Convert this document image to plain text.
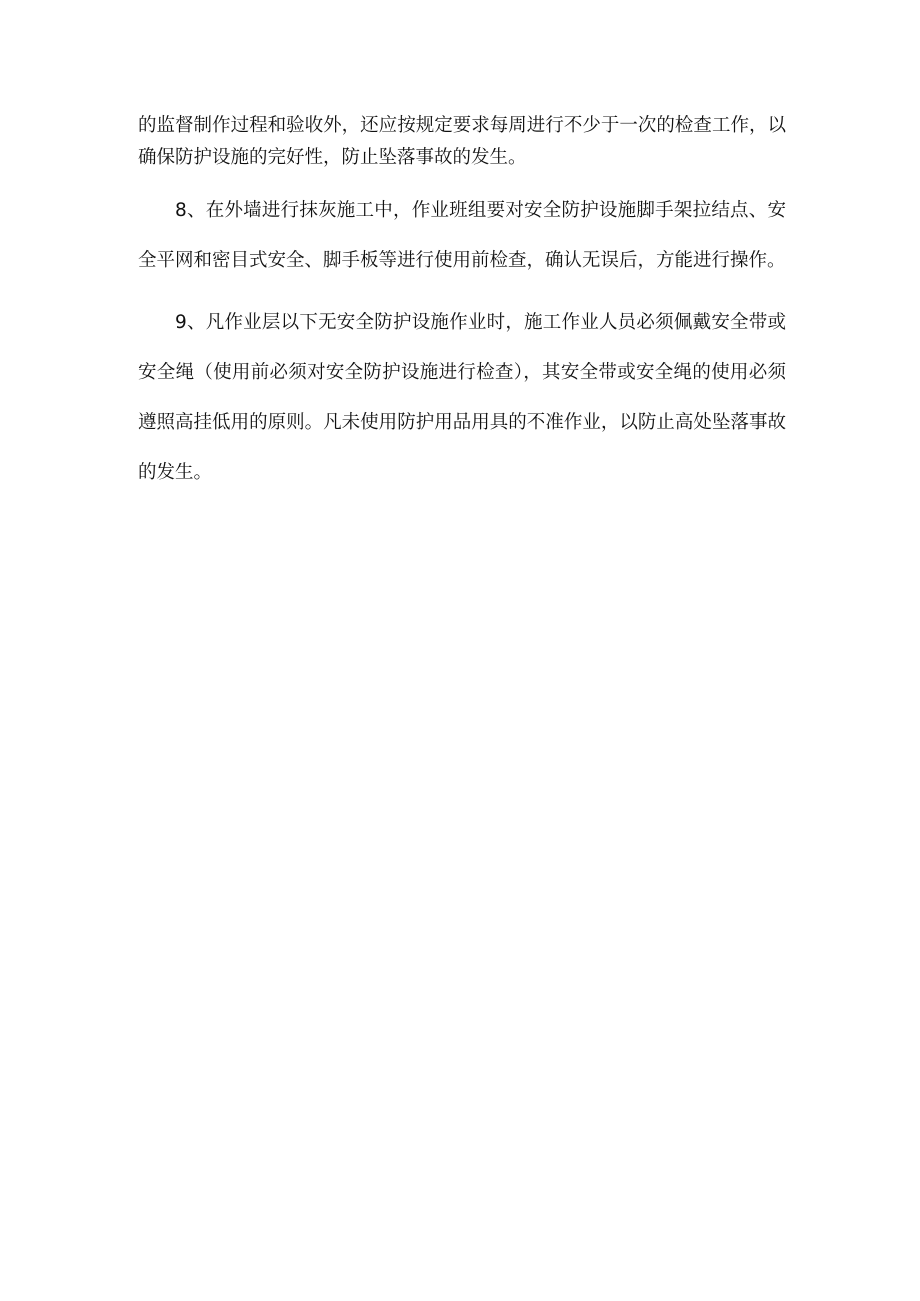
的监督制作过程和验收外，还应按规定要求每周进行不少于一次的检查工作，以确保防护设施的完好性，防止坠落事故的发生。

8、在外墙进行抹灰施工中，作业班组要对安全防护设施脚手架拉结点、安全平网和密目式安全、脚手板等进行使用前检查，确认无误后，方能进行操作。

9、凡作业层以下无安全防护设施作业时，施工作业人员必须佩戴安全带或安全绳（使用前必须对安全防护设施进行检查），其安全带或安全绳的使用必须遵照高挂低用的原则。凡未使用防护用品用具的不准作业，以防止高处坠落事故的发生。
